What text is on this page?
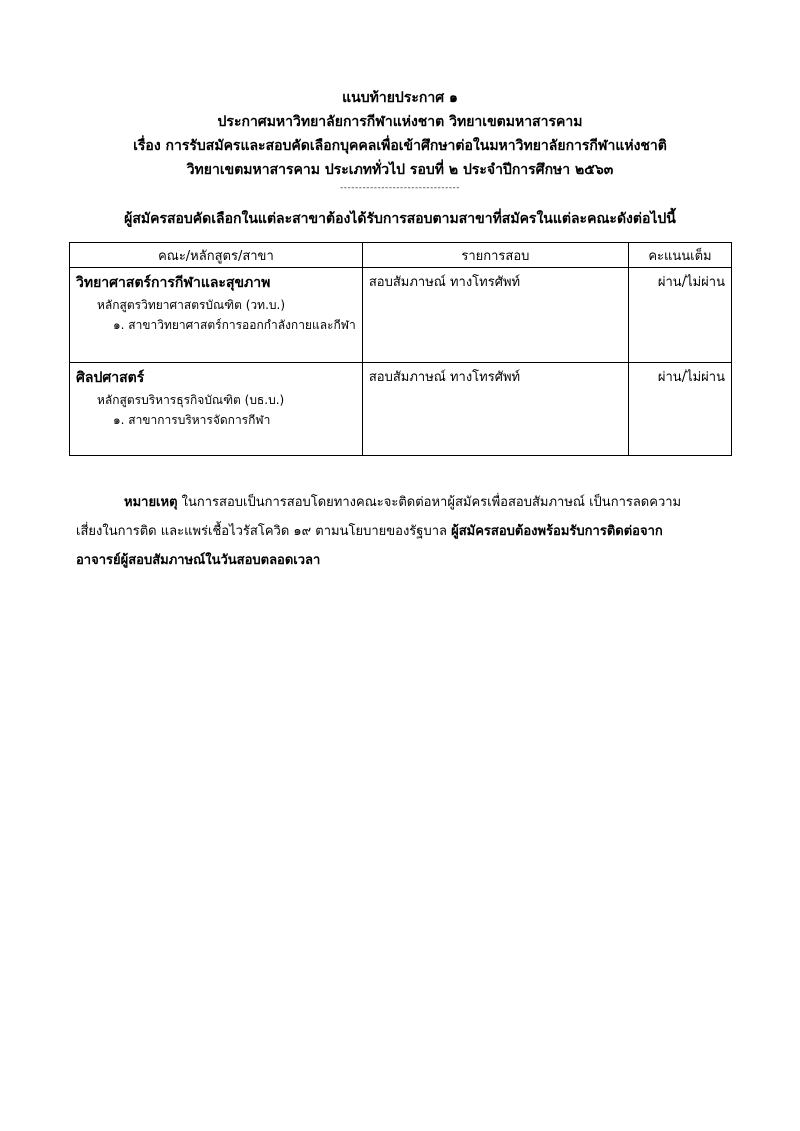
แนบท้ายประกาศ ๑
ประกาศมหาวิทยาลัยการกีฬาแห่งชาต วิทยาเขตมหาสารคาม
เรื่อง การรับสมัครและสอบคัดเลือกบุคคลเพื่อเข้าศึกษาต่อในมหาวิทยาลัยการกีฬาแห่งชาติ
วิทยาเขตมหาสารคาม ประเภททั่วไป รอบที่ ๒ ประจำปีการศึกษา ๒๕๖๓
--------------------------------
ผู้สมัครสอบคัดเลือกในแต่ละสาขาต้องได้รับการสอบตามสาขาที่สมัครในแต่ละคณะดังต่อไปนี้
คณะ/หลักสูตร/สาขา	รายการสอบ	คะแนนเต็ม

วิทยาศาสตร์การกีฬาและสุขภาพ
หลักสูตรวิทยาศาสตรบัณฑิต (วท.บ.)
๑. สาขาวิทยาศาสตร์การออกกำลังกายและกีฬา	สอบสัมภาษณ์ ทางโทรศัพท์	ผ่าน/ไม่ผ่าน

ศิลปศาสตร์
หลักสูตรบริหารธุรกิจบัณฑิต (บธ.บ.)
๑. สาขาการบริหารจัดการกีฬา	สอบสัมภาษณ์ ทางโทรศัพท์	ผ่าน/ไม่ผ่าน
หมายเหตุ ในการสอบเป็นการสอบโดยทางคณะจะติดต่อหาผู้สมัครเพื่อสอบสัมภาษณ์ เป็นการลดความ
เสี่ยงในการติด และแพร่เชื้อไวรัสโควิด ๑๙ ตามนโยบายของรัฐบาล ผู้สมัครสอบต้องพร้อมรับการติดต่อจาก
อาจารย์ผู้สอบสัมภาษณ์ในวันสอบตลอดเวลา
